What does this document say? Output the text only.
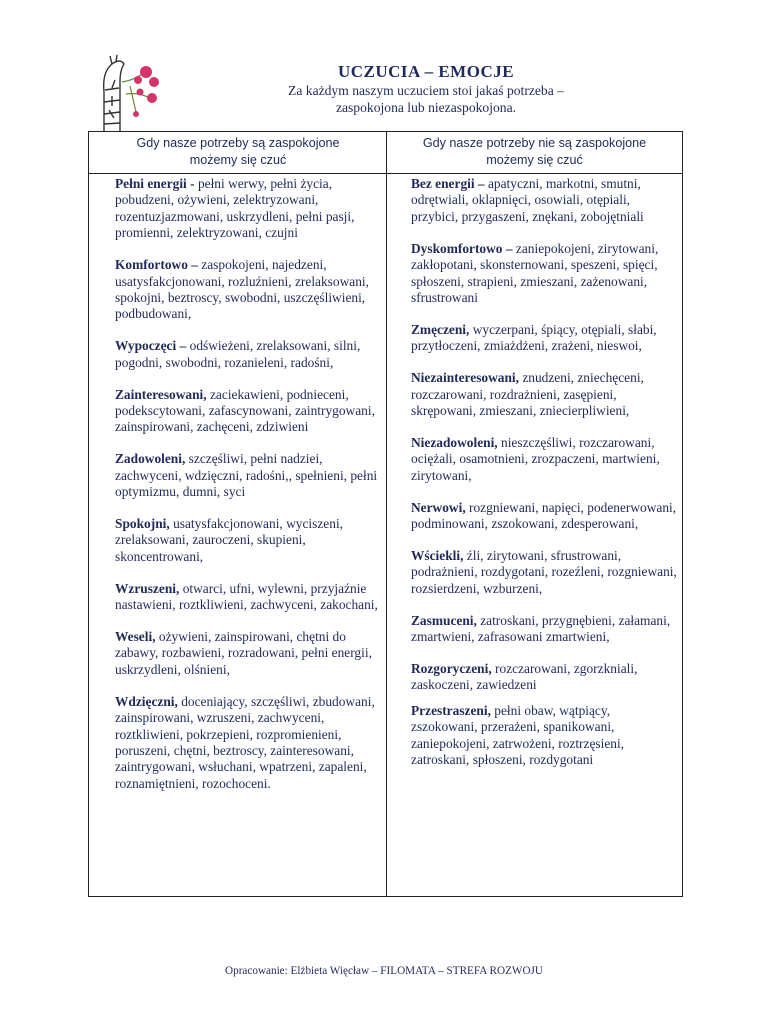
UCZUCIA – EMOCJE
Za każdym naszym uczuciem stoi jakaś potrzeba –
zaspokojona lub niezaspokojona.
Gdy nasze potrzeby są zaspokojone
możemy się czuć
Gdy nasze potrzeby nie są zaspokojone
możemy się czuć

Pełni energii - pełni werwy, pełni życia, pobudzeni, ożywieni, zelektryzowani, rozentuzjazmowani, uskrzydleni, pełni pasji, promienni, zelektryzowani, czujni

Komfortowo – zaspokojeni, najedzeni, usatysfakcjonowani, rozluźnieni, zrelaksowani, spokojni, beztroscy, swobodni, uszczęśliwieni, podbudowani,

Wypoczęci – odświeżeni, zrelaksowani, silni, pogodni, swobodni, rozanieleni, radośni,

Zainteresowani, zaciekawieni, podnieceni, podekscytowani, zafascynowani, zaintrygowani, zainspirowani, zachęceni, zdziwieni

Zadowoleni, szczęśliwi, pełni nadziei, zachwyceni, wdzięczni, radośni,, spełnieni, pełni optymizmu, dumni, syci

Spokojni, usatysfakcjonowani, wyciszeni, zrelaksowani, zauroczeni, skupieni, skoncentrowani,

Wzruszeni, otwarci, ufni, wylewni, przyjaźnie nastawieni, roztkliwieni, zachwyceni, zakochani,

Weseli, ożywieni, zainspirowani, chętni do zabawy, rozbawieni, rozradowani, pełni energii, uskrzydleni, olśnieni,

Wdzięczni, doceniający, szczęśliwi, zbudowani, zainspirowani, wzruszeni, zachwyceni, roztkliwieni, pokrzepieni, rozpromienieni, poruszeni, chętni, beztroscy, zainteresowani, zaintrygowani, wsłuchani, wpatrzeni, zapaleni, roznamiętnieni, rozochoceni.

Bez energii – apatyczni, markotni, smutni, odrętwiali, oklapnięci, osowiali, otępiali, przybici, przygaszeni, znękani, zobojętniali

Dyskomfortowo – zaniepokojeni, zirytowani, zakłopotani, skonsternowani, speszeni, spięci, spłoszeni, strapieni, zmieszani, zażenowani, sfrustrowani

Zmęczeni, wyczerpani, śpiący, otępiali, słabi, przytłoczeni, zmiażdżeni, zrażeni, nieswoi,

Niezainteresowani, znudzeni, zniechęceni, rozczarowani, rozdrażnieni, zasępieni, skrępowani, zmieszani, zniecierpliwieni,

Niezadowoleni, nieszczęśliwi, rozczarowani, ociężali, osamotnieni, zrozpaczeni, martwieni, zirytowani,

Nerwowi, rozgniewani, napięci, podenerwowani, podminowani, zszokowani, zdesperowani,

Wściekli, źli, zirytowani, sfrustrowani, podrażnieni, rozdygotani, rozeźleni, rozgniewani, rozsierdzeni, wzburzeni,

Zasmuceni, zatroskani, przygnębieni, załamani, zmartwieni, zafrasowani zmartwieni,

Rozgoryczeni, rozczarowani, zgorzkniali, zaskoczeni, zawiedzeni

Przestraszeni, pełni obaw, wątpiący, zszokowani, przerażeni, spanikowani, zaniepokojeni, zatrwożeni, roztrzęsieni, zatroskani, spłoszeni, rozdygotani

Opracowanie: Elżbieta Więcław – FILOMATA – STREFA ROZWOJU
